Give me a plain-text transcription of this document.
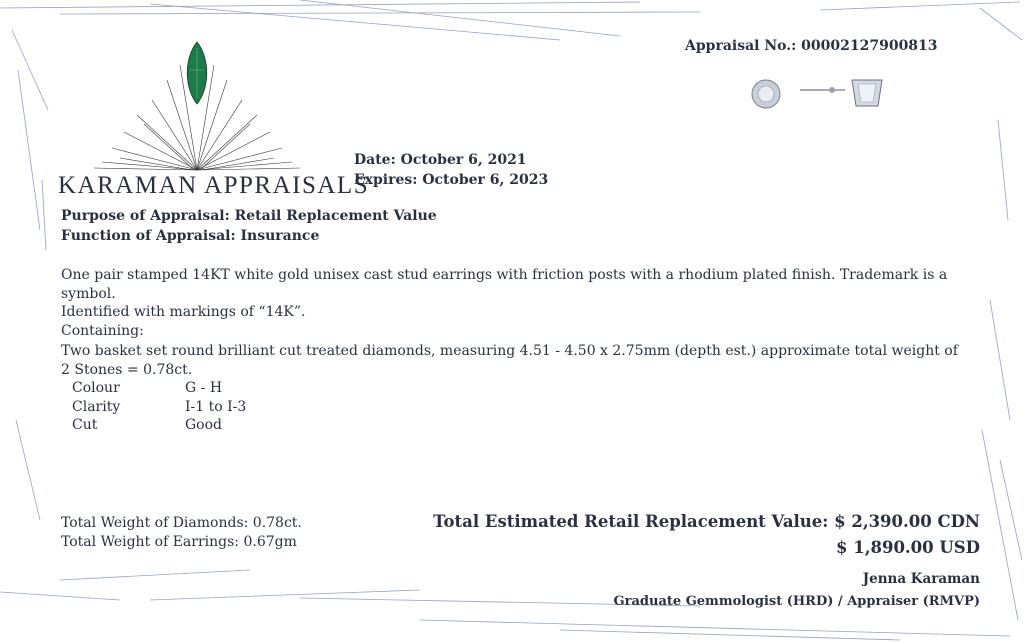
KARAMAN APPRAISALS
Appraisal No.: 00002127900813
Date: October 6, 2021
Expires: October 6, 2023
Purpose of Appraisal: Retail Replacement Value
Function of Appraisal: Insurance
One pair stamped 14KT white gold unisex cast stud earrings with friction posts with a rhodium plated finish. Trademark is a symbol.
Identified with markings of “14K”.
Containing:
Two basket set round brilliant cut treated diamonds, measuring 4.51 - 4.50 x 2.75mm (depth est.) approximate total weight of
2 Stones = 0.78ct.
Colour	G - H
Clarity	I-1 to I-3
Cut	Good
Total Weight of Diamonds: 0.78ct.
Total Weight of Earrings: 0.67gm
Total Estimated Retail Replacement Value: $ 2,390.00 CDN
$ 1,890.00 USD
Jenna Karaman
Graduate Gemmologist (HRD) / Appraiser (RMVP)
